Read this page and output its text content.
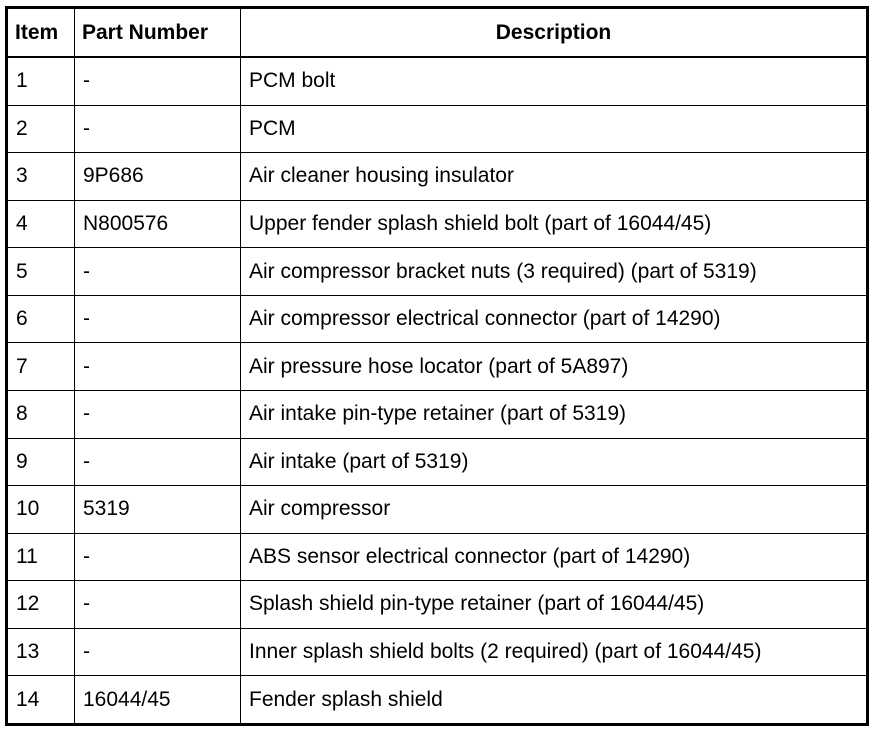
Item	Part Number	Description
1	-	PCM bolt
2	-	PCM
3	9P686	Air cleaner housing insulator
4	N800576	Upper fender splash shield bolt (part of 16044/45)
5	-	Air compressor bracket nuts (3 required) (part of 5319)
6	-	Air compressor electrical connector (part of 14290)
7	-	Air pressure hose locator (part of 5A897)
8	-	Air intake pin-type retainer (part of 5319)
9	-	Air intake (part of 5319)
10	5319	Air compressor
11	-	ABS sensor electrical connector (part of 14290)
12	-	Splash shield pin-type retainer (part of 16044/45)
13	-	Inner splash shield bolts (2 required) (part of 16044/45)
14	16044/45	Fender splash shield
